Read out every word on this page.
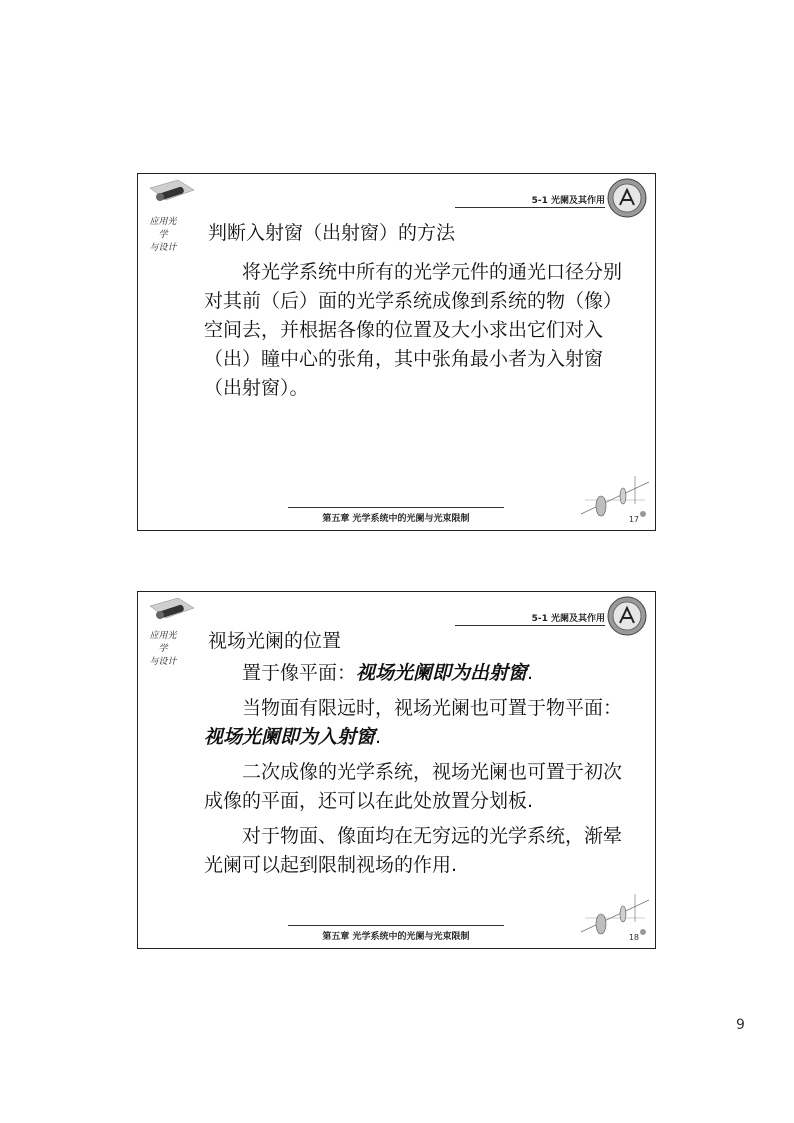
应用光学
与设计
5-1 光阑及其作用
判断入射窗（出射窗）的方法

将光学系统中所有的光学元件的通光口径分别对其前（后）面的光学系统成像到系统的物（像）空间去，并根据各像的位置及大小求出它们对入（出）瞳中心的张角，其中张角最小者为入射窗（出射窗）。

第五章 光学系统中的光阑与光束限制	17
应用光学
与设计
5-1 光阑及其作用
视场光阑的位置

置于像平面：视场光阑即为出射窗.

当物面有限远时，视场光阑也可置于物平面：视场光阑即为入射窗.

二次成像的光学系统，视场光阑也可置于初次成像的平面，还可以在此处放置分划板.

对于物面、像面均在无穷远的光学系统，渐晕光阑可以起到限制视场的作用.

第五章 光学系统中的光阑与光束限制	18
9
